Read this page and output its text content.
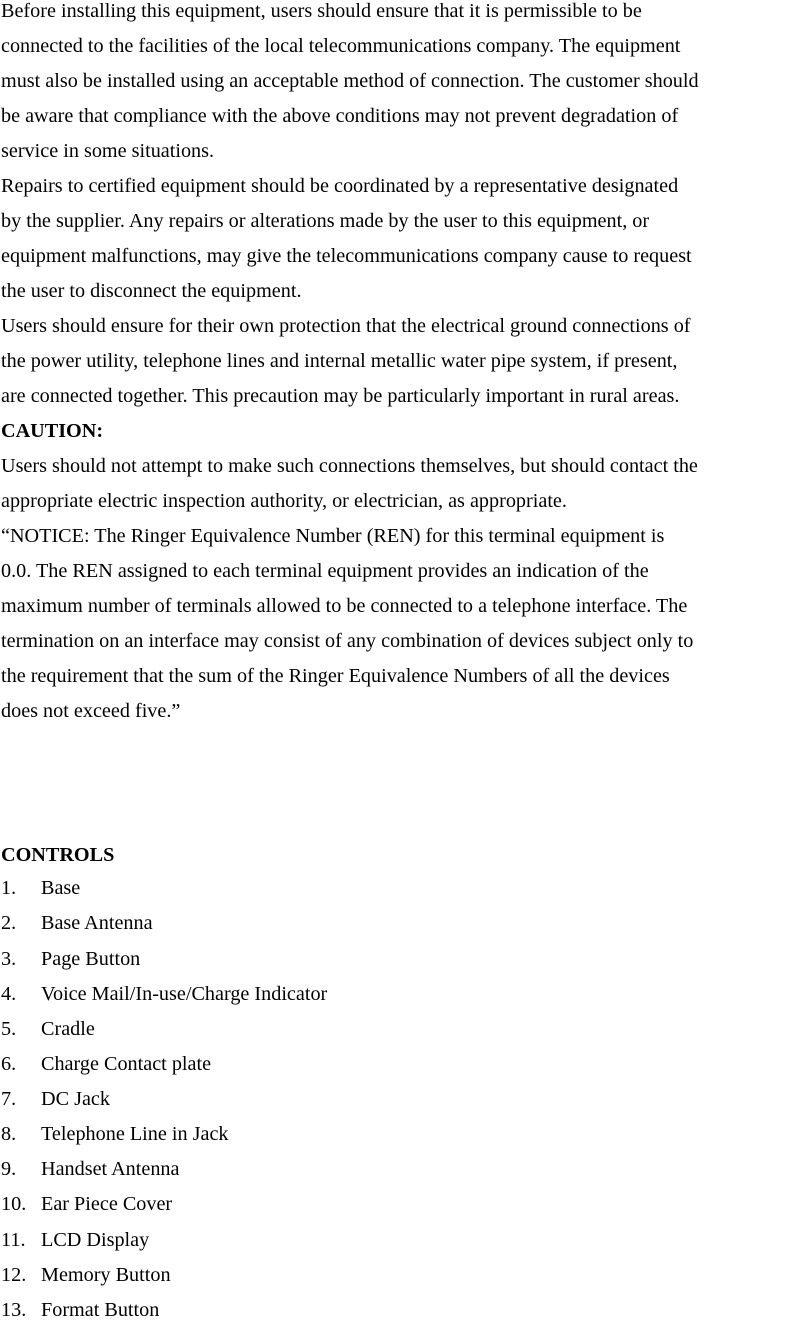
Before installing this equipment, users should ensure that it is permissible to be
connected to the facilities of the local telecommunications company. The equipment
must also be installed using an acceptable method of connection. The customer should
be aware that compliance with the above conditions may not prevent degradation of
service in some situations.
Repairs to certified equipment should be coordinated by a representative designated
by the supplier. Any repairs or alterations made by the user to this equipment, or
equipment malfunctions, may give the telecommunications company cause to request
the user to disconnect the equipment.
Users should ensure for their own protection that the electrical ground connections of
the power utility, telephone lines and internal metallic water pipe system, if present,
are connected together. This precaution may be particularly important in rural areas.
CAUTION:
Users should not attempt to make such connections themselves, but should contact the
appropriate electric inspection authority, or electrician, as appropriate.
“NOTICE: The Ringer Equivalence Number (REN) for this terminal equipment is
0.0. The REN assigned to each terminal equipment provides an indication of the
maximum number of terminals allowed to be connected to a telephone interface. The
termination on an interface may consist of any combination of devices subject only to
the requirement that the sum of the Ringer Equivalence Numbers of all the devices
does not exceed five.”
CONTROLS
1. Base
2. Base Antenna
3. Page Button
4. Voice Mail/In-use/Charge Indicator
5. Cradle
6. Charge Contact plate
7. DC Jack
8. Telephone Line in Jack
9. Handset Antenna
10. Ear Piece Cover
11. LCD Display
12. Memory Button
13. Format Button
